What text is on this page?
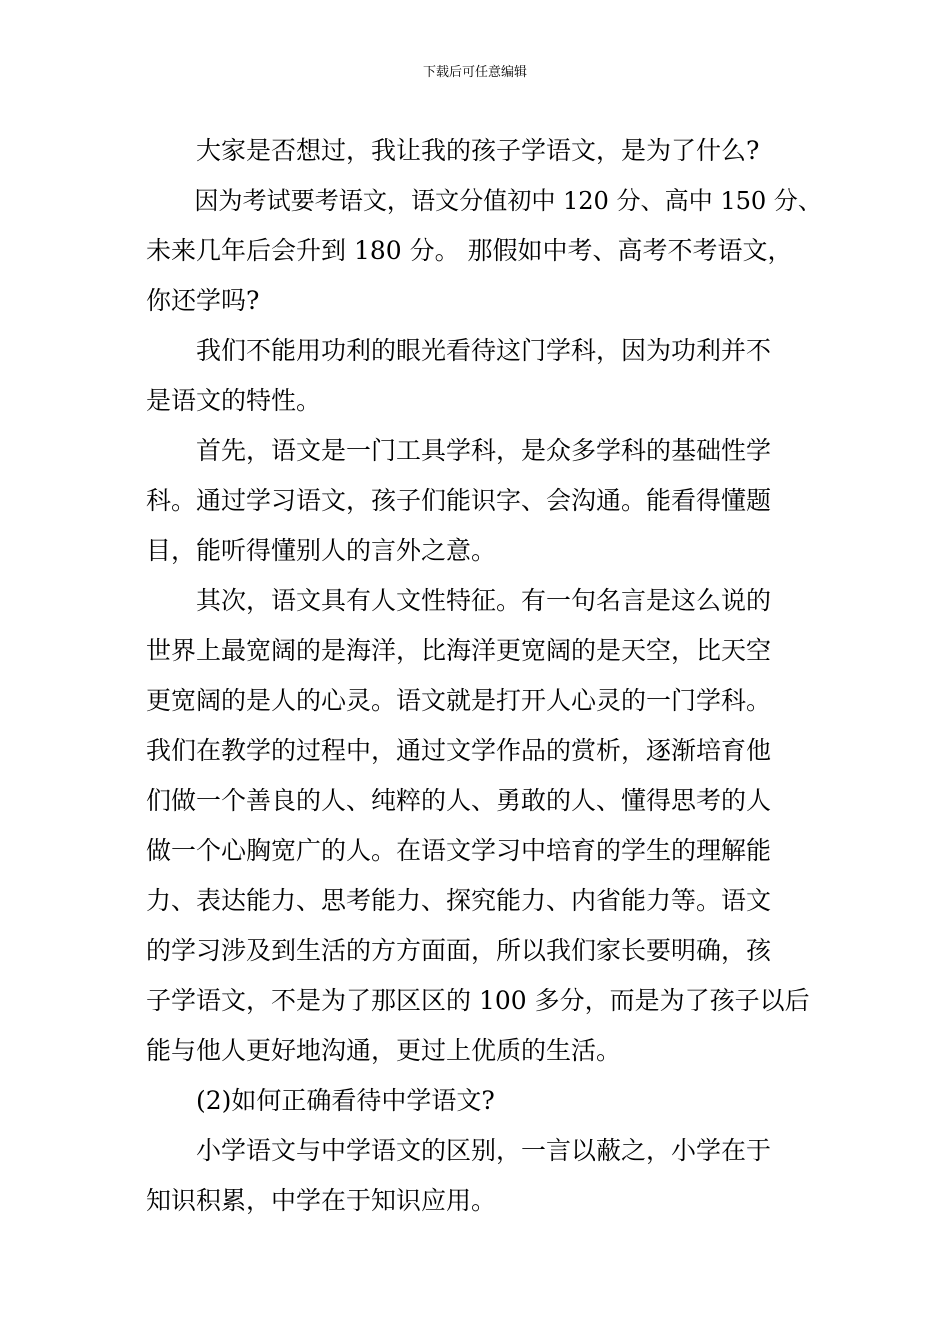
下载后可任意编辑

大家是否想过，我让我的孩子学语文，是为了什么?

因为考试要考语文，语文分值初中 120 分、高中 150 分、
未来几年后会升到 180 分。 那假如中考、高考不考语文，
你还学吗?

我们不能用功利的眼光看待这门学科，因为功利并不
是语文的特性。

首先，语文是一门工具学科，是众多学科的基础性学
科。通过学习语文，孩子们能识字、会沟通。能看得懂题
目，能听得懂别人的言外之意。

其次，语文具有人文性特征。有一句名言是这么说的
世界上最宽阔的是海洋，比海洋更宽阔的是天空，比天空
更宽阔的是人的心灵。语文就是打开人心灵的一门学科。
我们在教学的过程中，通过文学作品的赏析，逐渐培育他
们做一个善良的人、纯粹的人、勇敢的人、懂得思考的人
做一个心胸宽广的人。在语文学习中培育的学生的理解能
力、表达能力、思考能力、探究能力、内省能力等。语文
的学习涉及到生活的方方面面，所以我们家长要明确，孩
子学语文，不是为了那区区的 100 多分，而是为了孩子以后
能与他人更好地沟通，更过上优质的生活。

(2)如何正确看待中学语文?

小学语文与中学语文的区别，一言以蔽之，小学在于
知识积累，中学在于知识应用。
